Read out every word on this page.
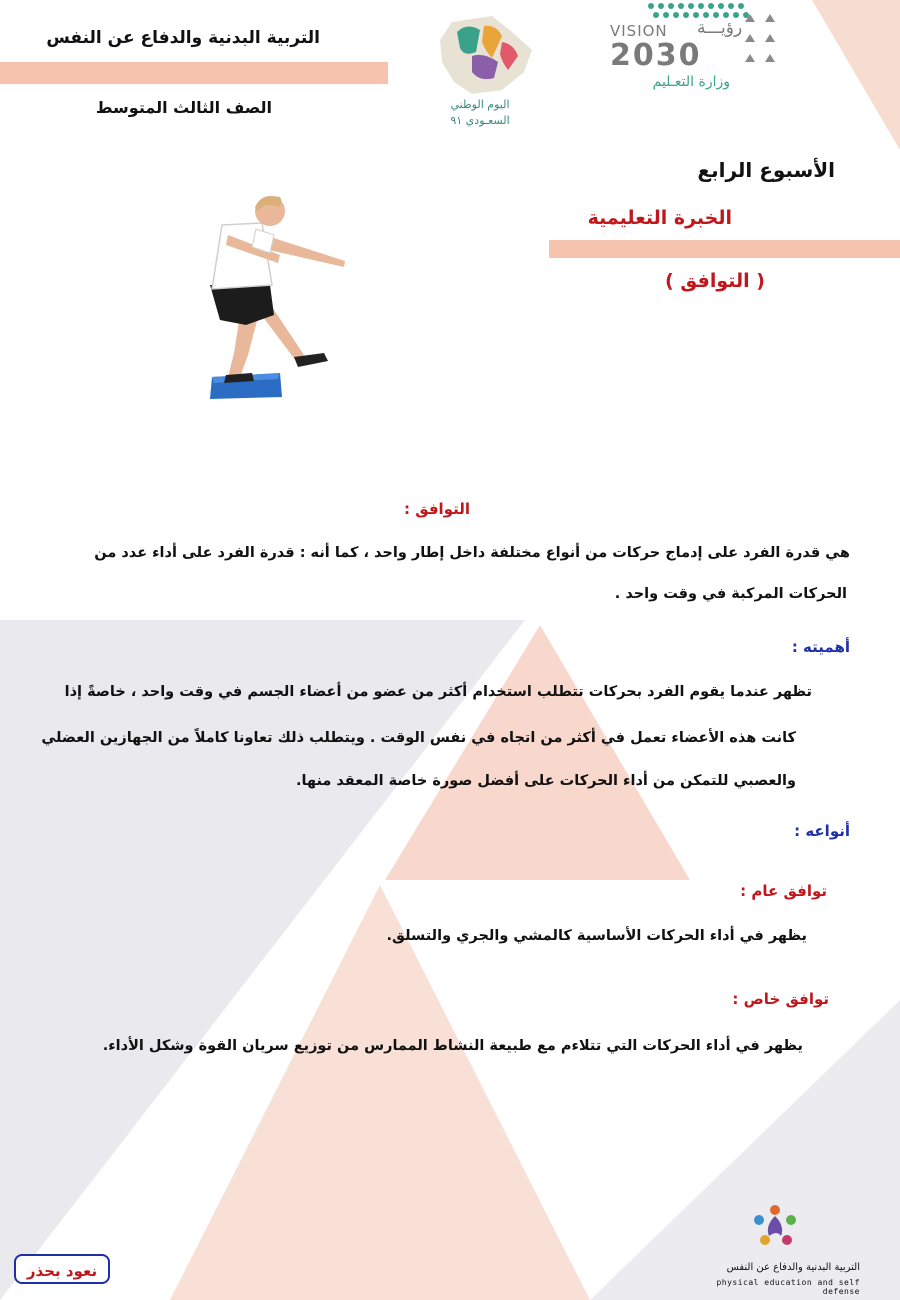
التربية البدنية والدفاع عن النفس
الصف الثالث المتوسط	اليوم الوطني
السعـودي ٩١
VISION رؤيـــة
2030
وزارة التعـليم
الأسبوع الرابع
الخبرة التعليمية
( التوافق )
التوافق :
هي قدرة الفرد على إدماج حركات من أنواع مختلفة داخل إطار واحد ، كما أنه : قدرة الفرد على أداء عدد من
الحركات المركبة في وقت واحد .
أهميته :
تظهر عندما يقوم الفرد بحركات تتطلب استخدام أكثر من عضو من أعضاء الجسم في وقت واحد ، خاصةً إذا
كانت هذه الأعضاء تعمل في أكثر من اتجاه في نفس الوقت . ويتطلب ذلك تعاونا كاملاً من الجهازين العضلي
والعصبي للتمكن من أداء الحركات على أفضل صورة خاصة المعقد منها.
أنواعه :
توافق عام :
يظهر في أداء الحركات الأساسية كالمشي والجري والتسلق.
توافق خاص :
يظهر في أداء الحركات التي تتلاءم مع طبيعة النشاط الممارس من توزيع سريان القوة وشكل الأداء.
التربية البدنية والدفاع عن النفس
physical education and self defense
نعود بحذر
